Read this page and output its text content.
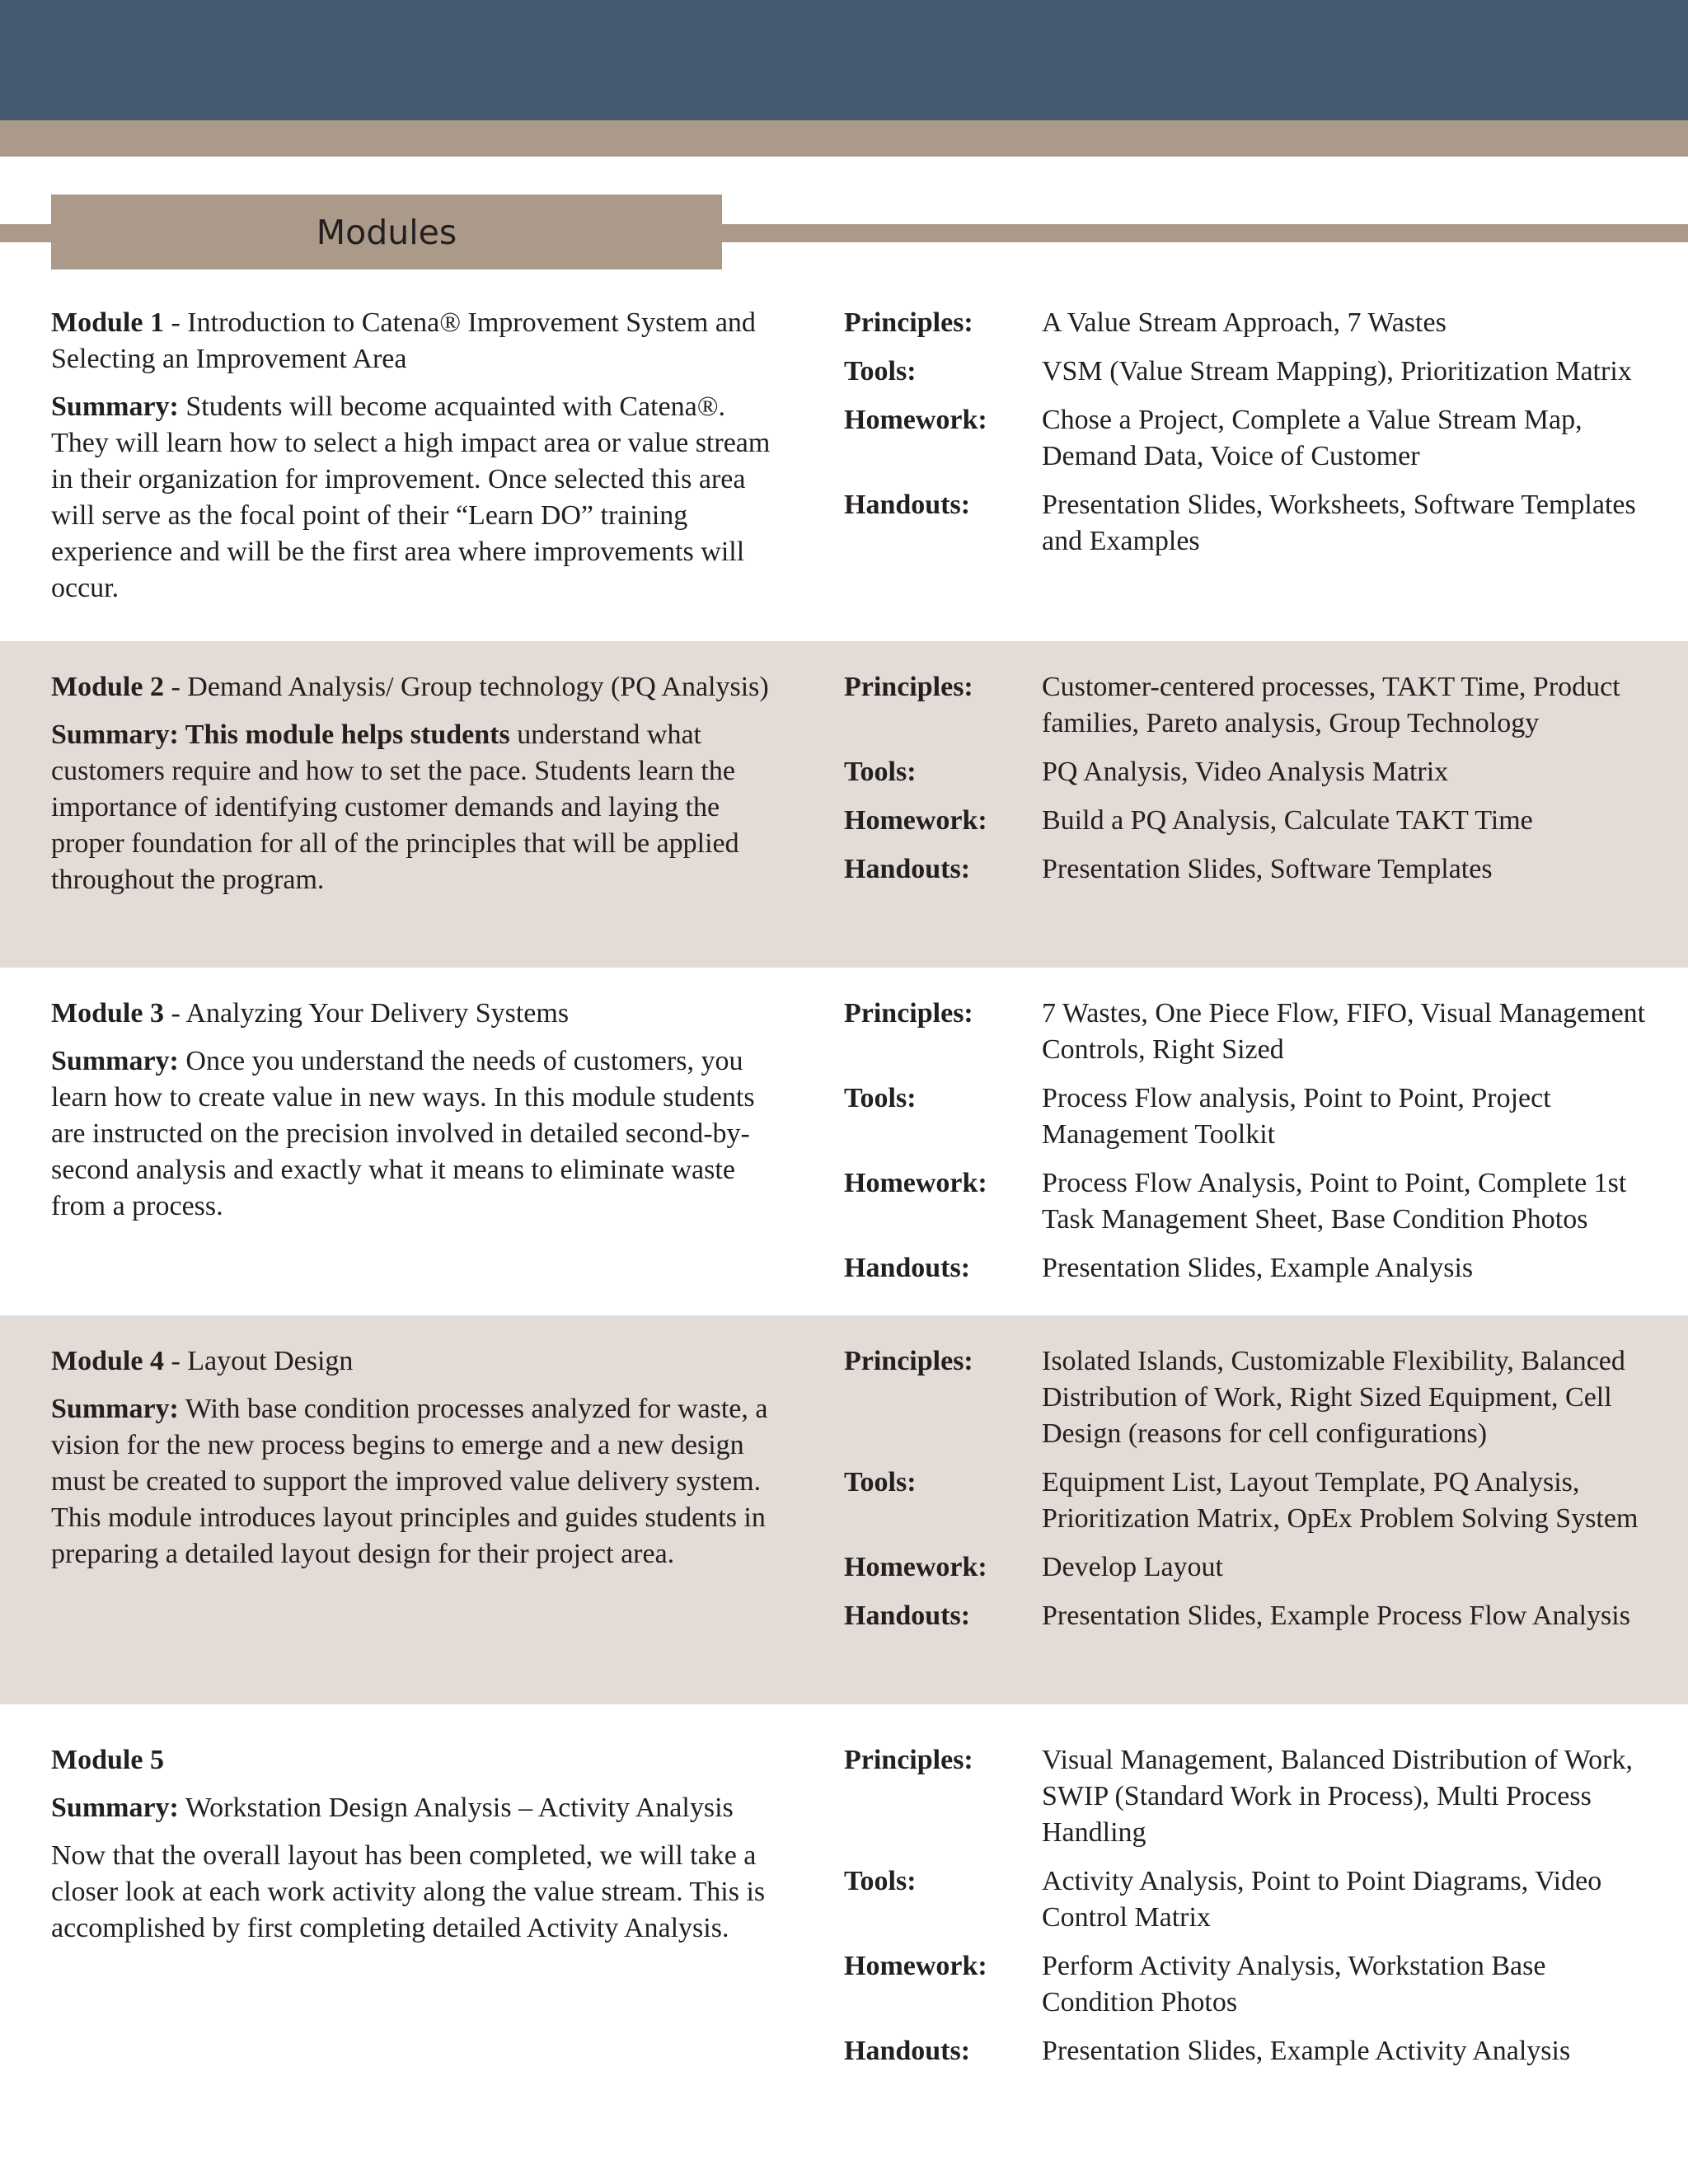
Modules

Module 1 - Introduction to Catena® Improvement System and Selecting an Improvement Area

Summary: Students will become acquainted with Catena®. They will learn how to select a high impact area or value stream in their organization for improvement. Once selected this area will serve as the focal point of their “Learn DO” training experience and will be the first area where improvements will occur.

Principles:	A Value Stream Approach, 7 Wastes
Tools:	VSM (Value Stream Mapping), Prioritization Matrix
Homework:	Chose a Project, Complete a Value Stream Map, Demand Data, Voice of Customer
Handouts:	Presentation Slides, Worksheets, Software Templates and Examples

Module 2 - Demand Analysis/ Group technology (PQ Analysis)

Summary: This module helps students understand what customers require and how to set the pace. Students learn the importance of identifying customer demands and laying the proper foundation for all of the principles that will be applied throughout the program.

Principles:	Customer-centered processes, TAKT Time, Product families, Pareto analysis, Group Technology
Tools:	PQ Analysis, Video Analysis Matrix
Homework:	Build a PQ Analysis, Calculate TAKT Time
Handouts:	Presentation Slides, Software Templates

Module 3 - Analyzing Your Delivery Systems

Summary: Once you understand the needs of customers, you learn how to create value in new ways. In this module students are instructed on the precision involved in detailed second-by-second analysis and exactly what it means to eliminate waste from a process.

Principles:	7 Wastes, One Piece Flow, FIFO, Visual Management Controls, Right Sized
Tools:	Process Flow analysis, Point to Point, Project Management Toolkit
Homework:	Process Flow Analysis, Point to Point, Complete 1st Task Management Sheet, Base Condition Photos
Handouts:	Presentation Slides, Example Analysis

Module 4 - Layout Design

Summary: With base condition processes analyzed for waste, a vision for the new process begins to emerge and a new design must be created to support the improved value delivery system. This module introduces layout principles and guides students in preparing a detailed layout design for their project area.

Principles:	Isolated Islands, Customizable Flexibility, Balanced Distribution of Work, Right Sized Equipment, Cell Design (reasons for cell configurations)
Tools:	Equipment List, Layout Template, PQ Analysis, Prioritization Matrix, OpEx Problem Solving System
Homework:	Develop Layout
Handouts:	Presentation Slides, Example Process Flow Analysis

Module 5

Summary: Workstation Design Analysis – Activity Analysis

Now that the overall layout has been completed, we will take a closer look at each work activity along the value stream. This is accomplished by first completing detailed Activity Analysis.

Principles:	Visual Management, Balanced Distribution of Work, SWIP (Standard Work in Process), Multi Process Handling
Tools:	Activity Analysis, Point to Point Diagrams, Video Control Matrix
Homework:	Perform Activity Analysis, Workstation Base Condition Photos
Handouts:	Presentation Slides, Example Activity Analysis
